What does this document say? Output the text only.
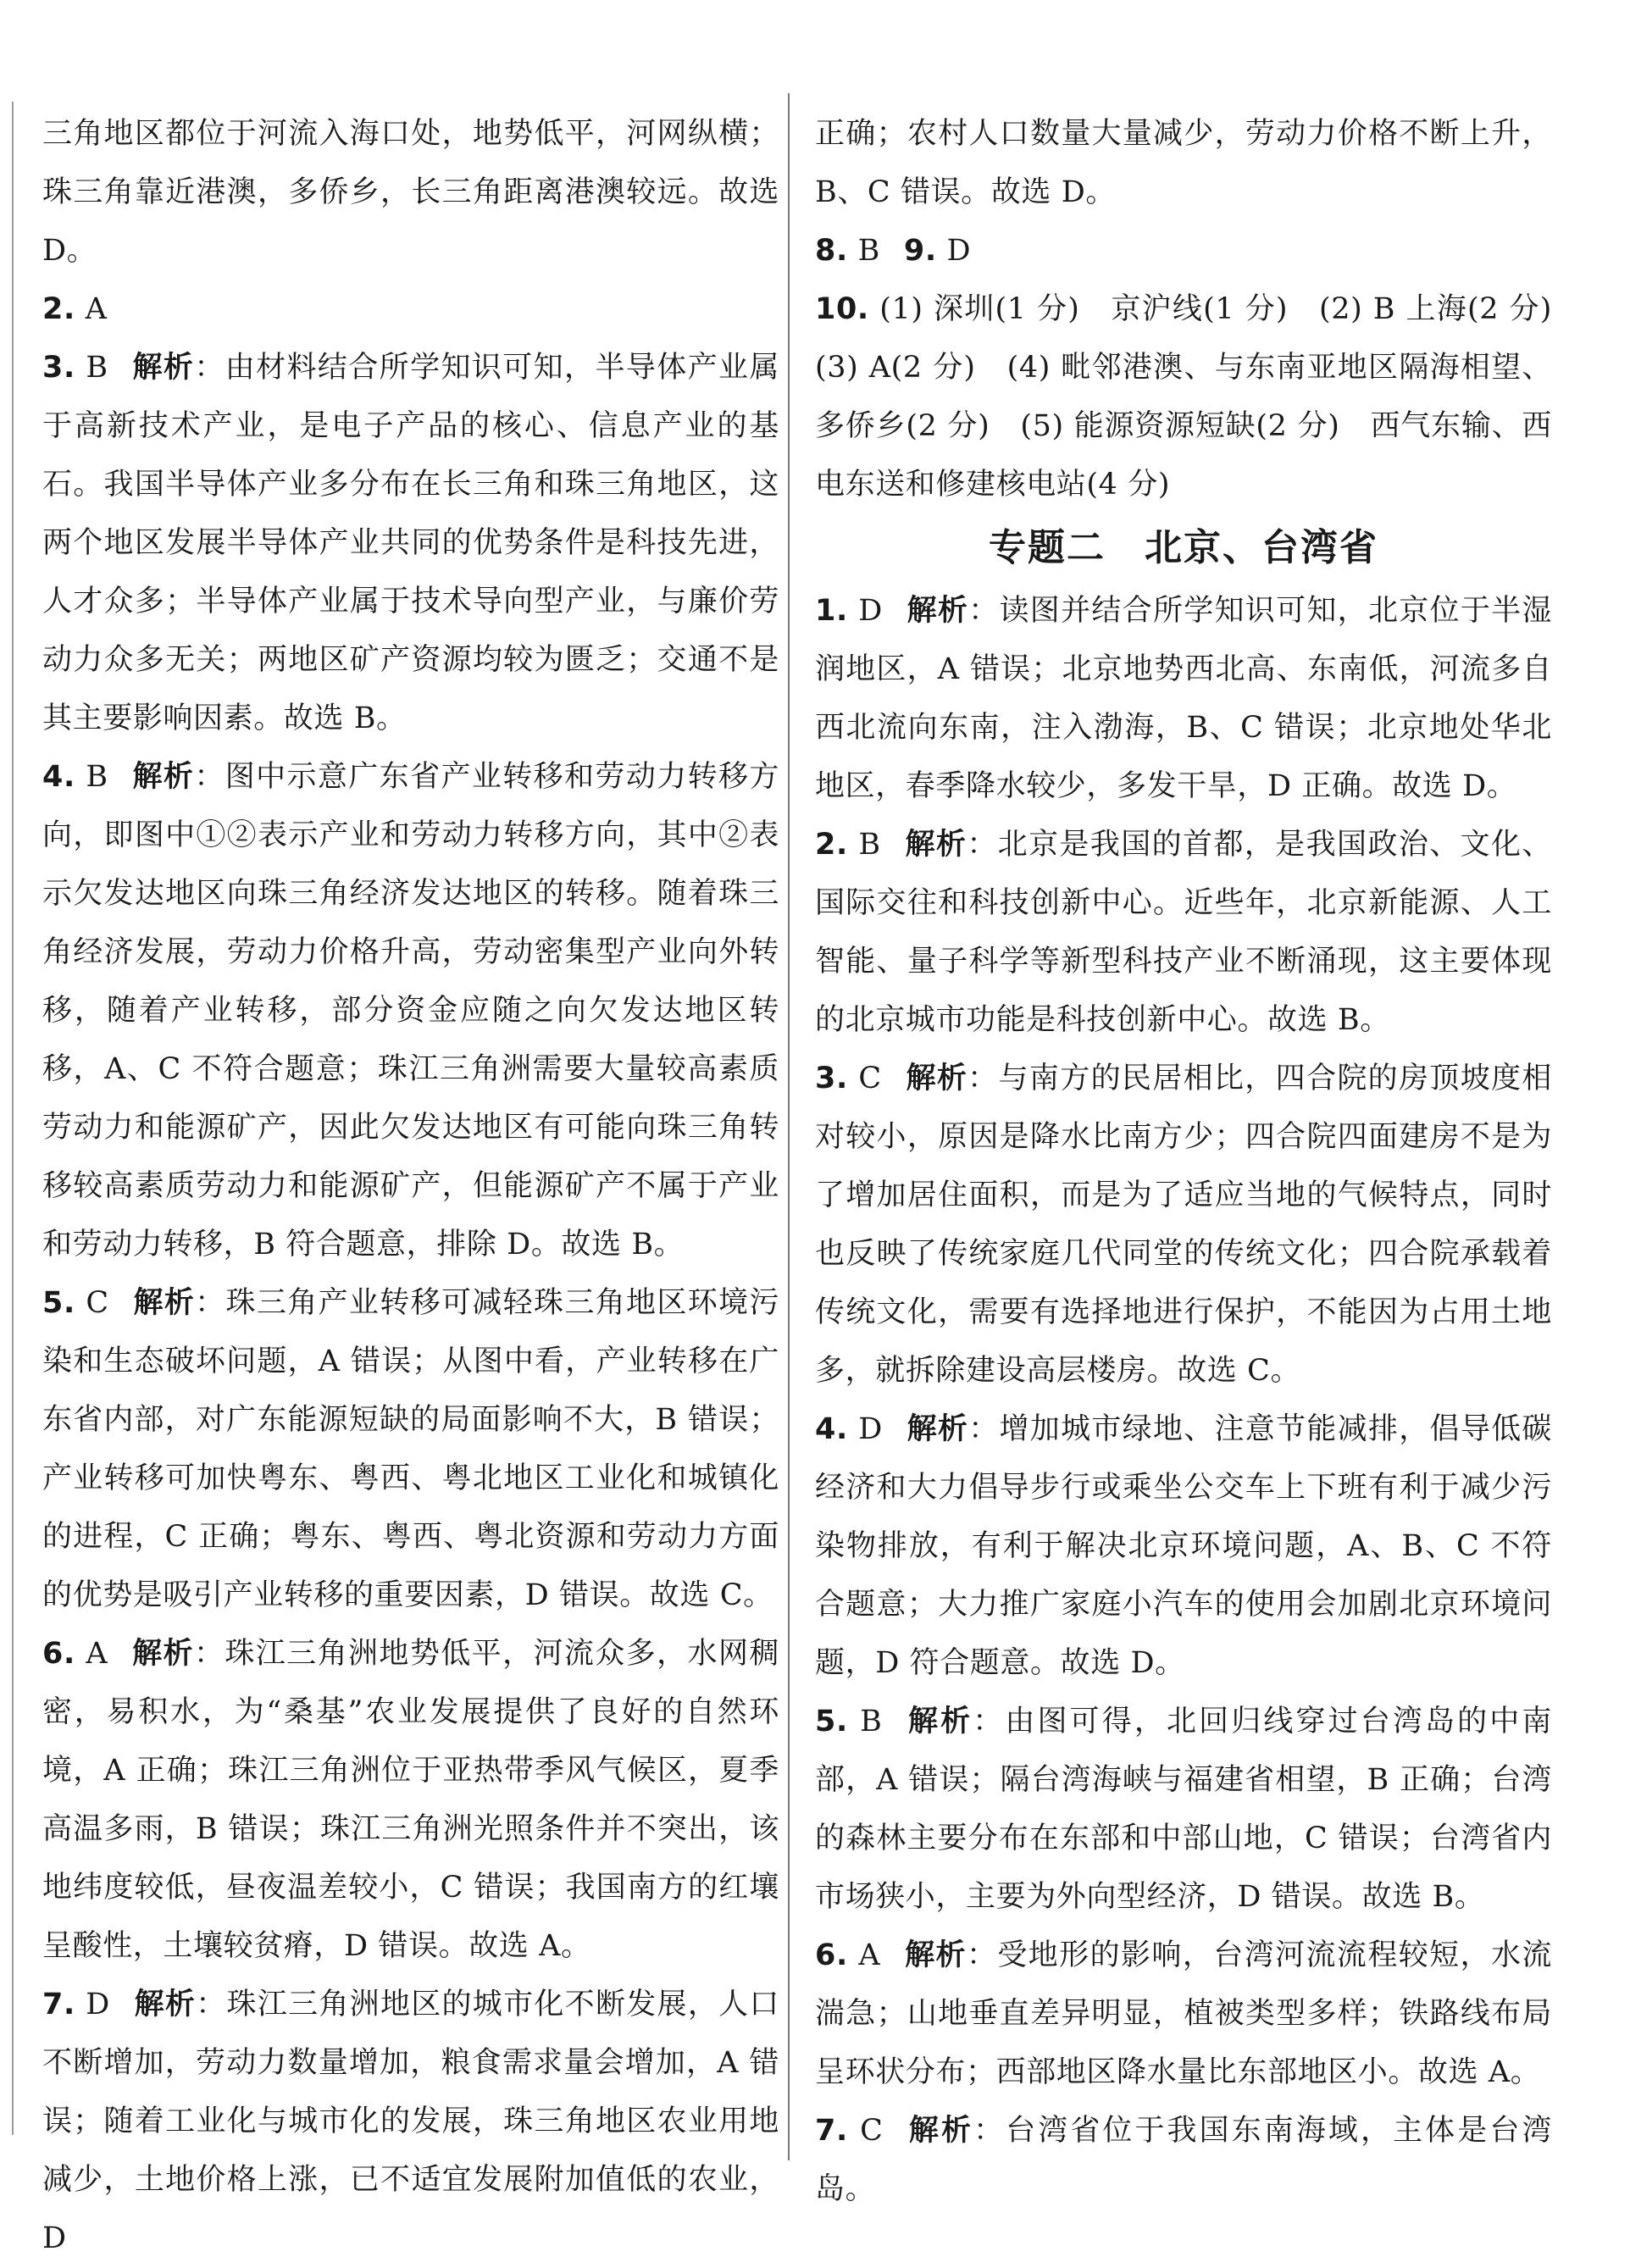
三角地区都位于河流入海口处，地势低平，河网纵横；珠三角靠近港澳，多侨乡，长三角距离港澳较远。故选 D。

2. A

3. B 解析：由材料结合所学知识可知，半导体产业属于高新技术产业，是电子产品的核心、信息产业的基石。我国半导体产业多分布在长三角和珠三角地区，这两个地区发展半导体产业共同的优势条件是科技先进，人才众多；半导体产业属于技术导向型产业，与廉价劳动力众多无关；两地区矿产资源均较为匮乏；交通不是其主要影响因素。故选 B。

4. B 解析：图中示意广东省产业转移和劳动力转移方向，即图中①②表示产业和劳动力转移方向，其中②表示欠发达地区向珠三角经济发达地区的转移。随着珠三角经济发展，劳动力价格升高，劳动密集型产业向外转移，随着产业转移，部分资金应随之向欠发达地区转移，A、C 不符合题意；珠江三角洲需要大量较高素质劳动力和能源矿产，因此欠发达地区有可能向珠三角转移较高素质劳动力和能源矿产，但能源矿产不属于产业和劳动力转移，B 符合题意，排除 D。故选 B。

5. C 解析：珠三角产业转移可减轻珠三角地区环境污染和生态破坏问题，A 错误；从图中看，产业转移在广东省内部，对广东能源短缺的局面影响不大，B 错误；产业转移可加快粤东、粤西、粤北地区工业化和城镇化的进程，C 正确；粤东、粤西、粤北资源和劳动力方面的优势是吸引产业转移的重要因素，D 错误。故选 C。

6. A 解析：珠江三角洲地势低平，河流众多，水网稠密，易积水，为“桑基”农业发展提供了良好的自然环境，A 正确；珠江三角洲位于亚热带季风气候区，夏季高温多雨，B 错误；珠江三角洲光照条件并不突出，该地纬度较低，昼夜温差较小，C 错误；我国南方的红壤呈酸性，土壤较贫瘠，D 错误。故选 A。

7. D 解析：珠江三角洲地区的城市化不断发展，人口不断增加，劳动力数量增加，粮食需求量会增加，A 错误；随着工业化与城市化的发展，珠三角地区农业用地减少，土地价格上涨，已不适宜发展附加值低的农业，D

正确；农村人口数量大量减少，劳动力价格不断上升，B、C 错误。故选 D。

8. B 9. D

10. (1) 深圳(1 分)　京沪线(1 分)　(2) B 上海(2 分)　(3) A(2 分)　(4) 毗邻港澳、与东南亚地区隔海相望、多侨乡(2 分)　(5) 能源资源短缺(2 分)　西气东输、西电东送和修建核电站(4 分)

专题二　北京、台湾省

1. D 解析：读图并结合所学知识可知，北京位于半湿润地区，A 错误；北京地势西北高、东南低，河流多自西北流向东南，注入渤海，B、C 错误；北京地处华北地区，春季降水较少，多发干旱，D 正确。故选 D。

2. B 解析：北京是我国的首都，是我国政治、文化、国际交往和科技创新中心。近些年，北京新能源、人工智能、量子科学等新型科技产业不断涌现，这主要体现的北京城市功能是科技创新中心。故选 B。

3. C 解析：与南方的民居相比，四合院的房顶坡度相对较小，原因是降水比南方少；四合院四面建房不是为了增加居住面积，而是为了适应当地的气候特点，同时也反映了传统家庭几代同堂的传统文化；四合院承载着传统文化，需要有选择地进行保护，不能因为占用土地多，就拆除建设高层楼房。故选 C。

4. D 解析：增加城市绿地、注意节能减排，倡导低碳经济和大力倡导步行或乘坐公交车上下班有利于减少污染物排放，有利于解决北京环境问题，A、B、C 不符合题意；大力推广家庭小汽车的使用会加剧北京环境问题，D 符合题意。故选 D。

5. B 解析：由图可得，北回归线穿过台湾岛的中南部，A 错误；隔台湾海峡与福建省相望，B 正确；台湾的森林主要分布在东部和中部山地，C 错误；台湾省内市场狭小，主要为外向型经济，D 错误。故选 B。

6. A 解析：受地形的影响，台湾河流流程较短，水流湍急；山地垂直差异明显，植被类型多样；铁路线布局呈环状分布；西部地区降水量比东部地区小。故选 A。

7. C 解析：台湾省位于我国东南海域，主体是台湾岛。
